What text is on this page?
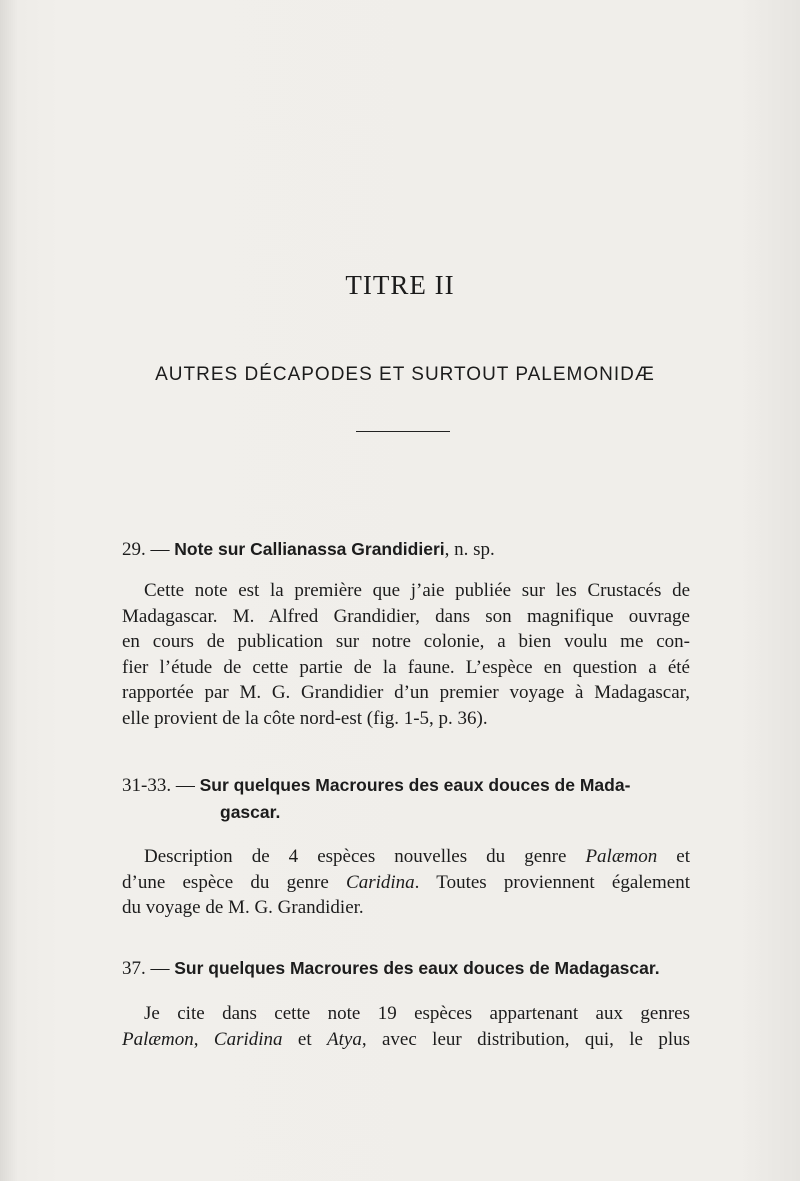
TITRE II
AUTRES DÉCAPODES ET SURTOUT PALEMONIDÆ
29. — Note sur Callianassa Grandidieri, n. sp.
Cette note est la première que j’aie publiée sur les Crustacés de
Madagascar. M. Alfred Grandidier, dans son magnifique ouvrage
en cours de publication sur notre colonie, a bien voulu me con-
fier l’étude de cette partie de la faune. L’espèce en question a été
rapportée par M. G. Grandidier d’un premier voyage à Madagascar,
elle provient de la côte nord-est (fig. 1-5, p. 36).
31-33. — Sur quelques Macroures des eaux douces de Mada-
gascar.
Description de 4 espèces nouvelles du genre Palæmon et
d’une espèce du genre Caridina. Toutes proviennent également
du voyage de M. G. Grandidier.
37. — Sur quelques Macroures des eaux douces de Madagascar.
Je cite dans cette note 19 espèces appartenant aux genres
Palæmon, Caridina et Atya, avec leur distribution, qui, le plus
